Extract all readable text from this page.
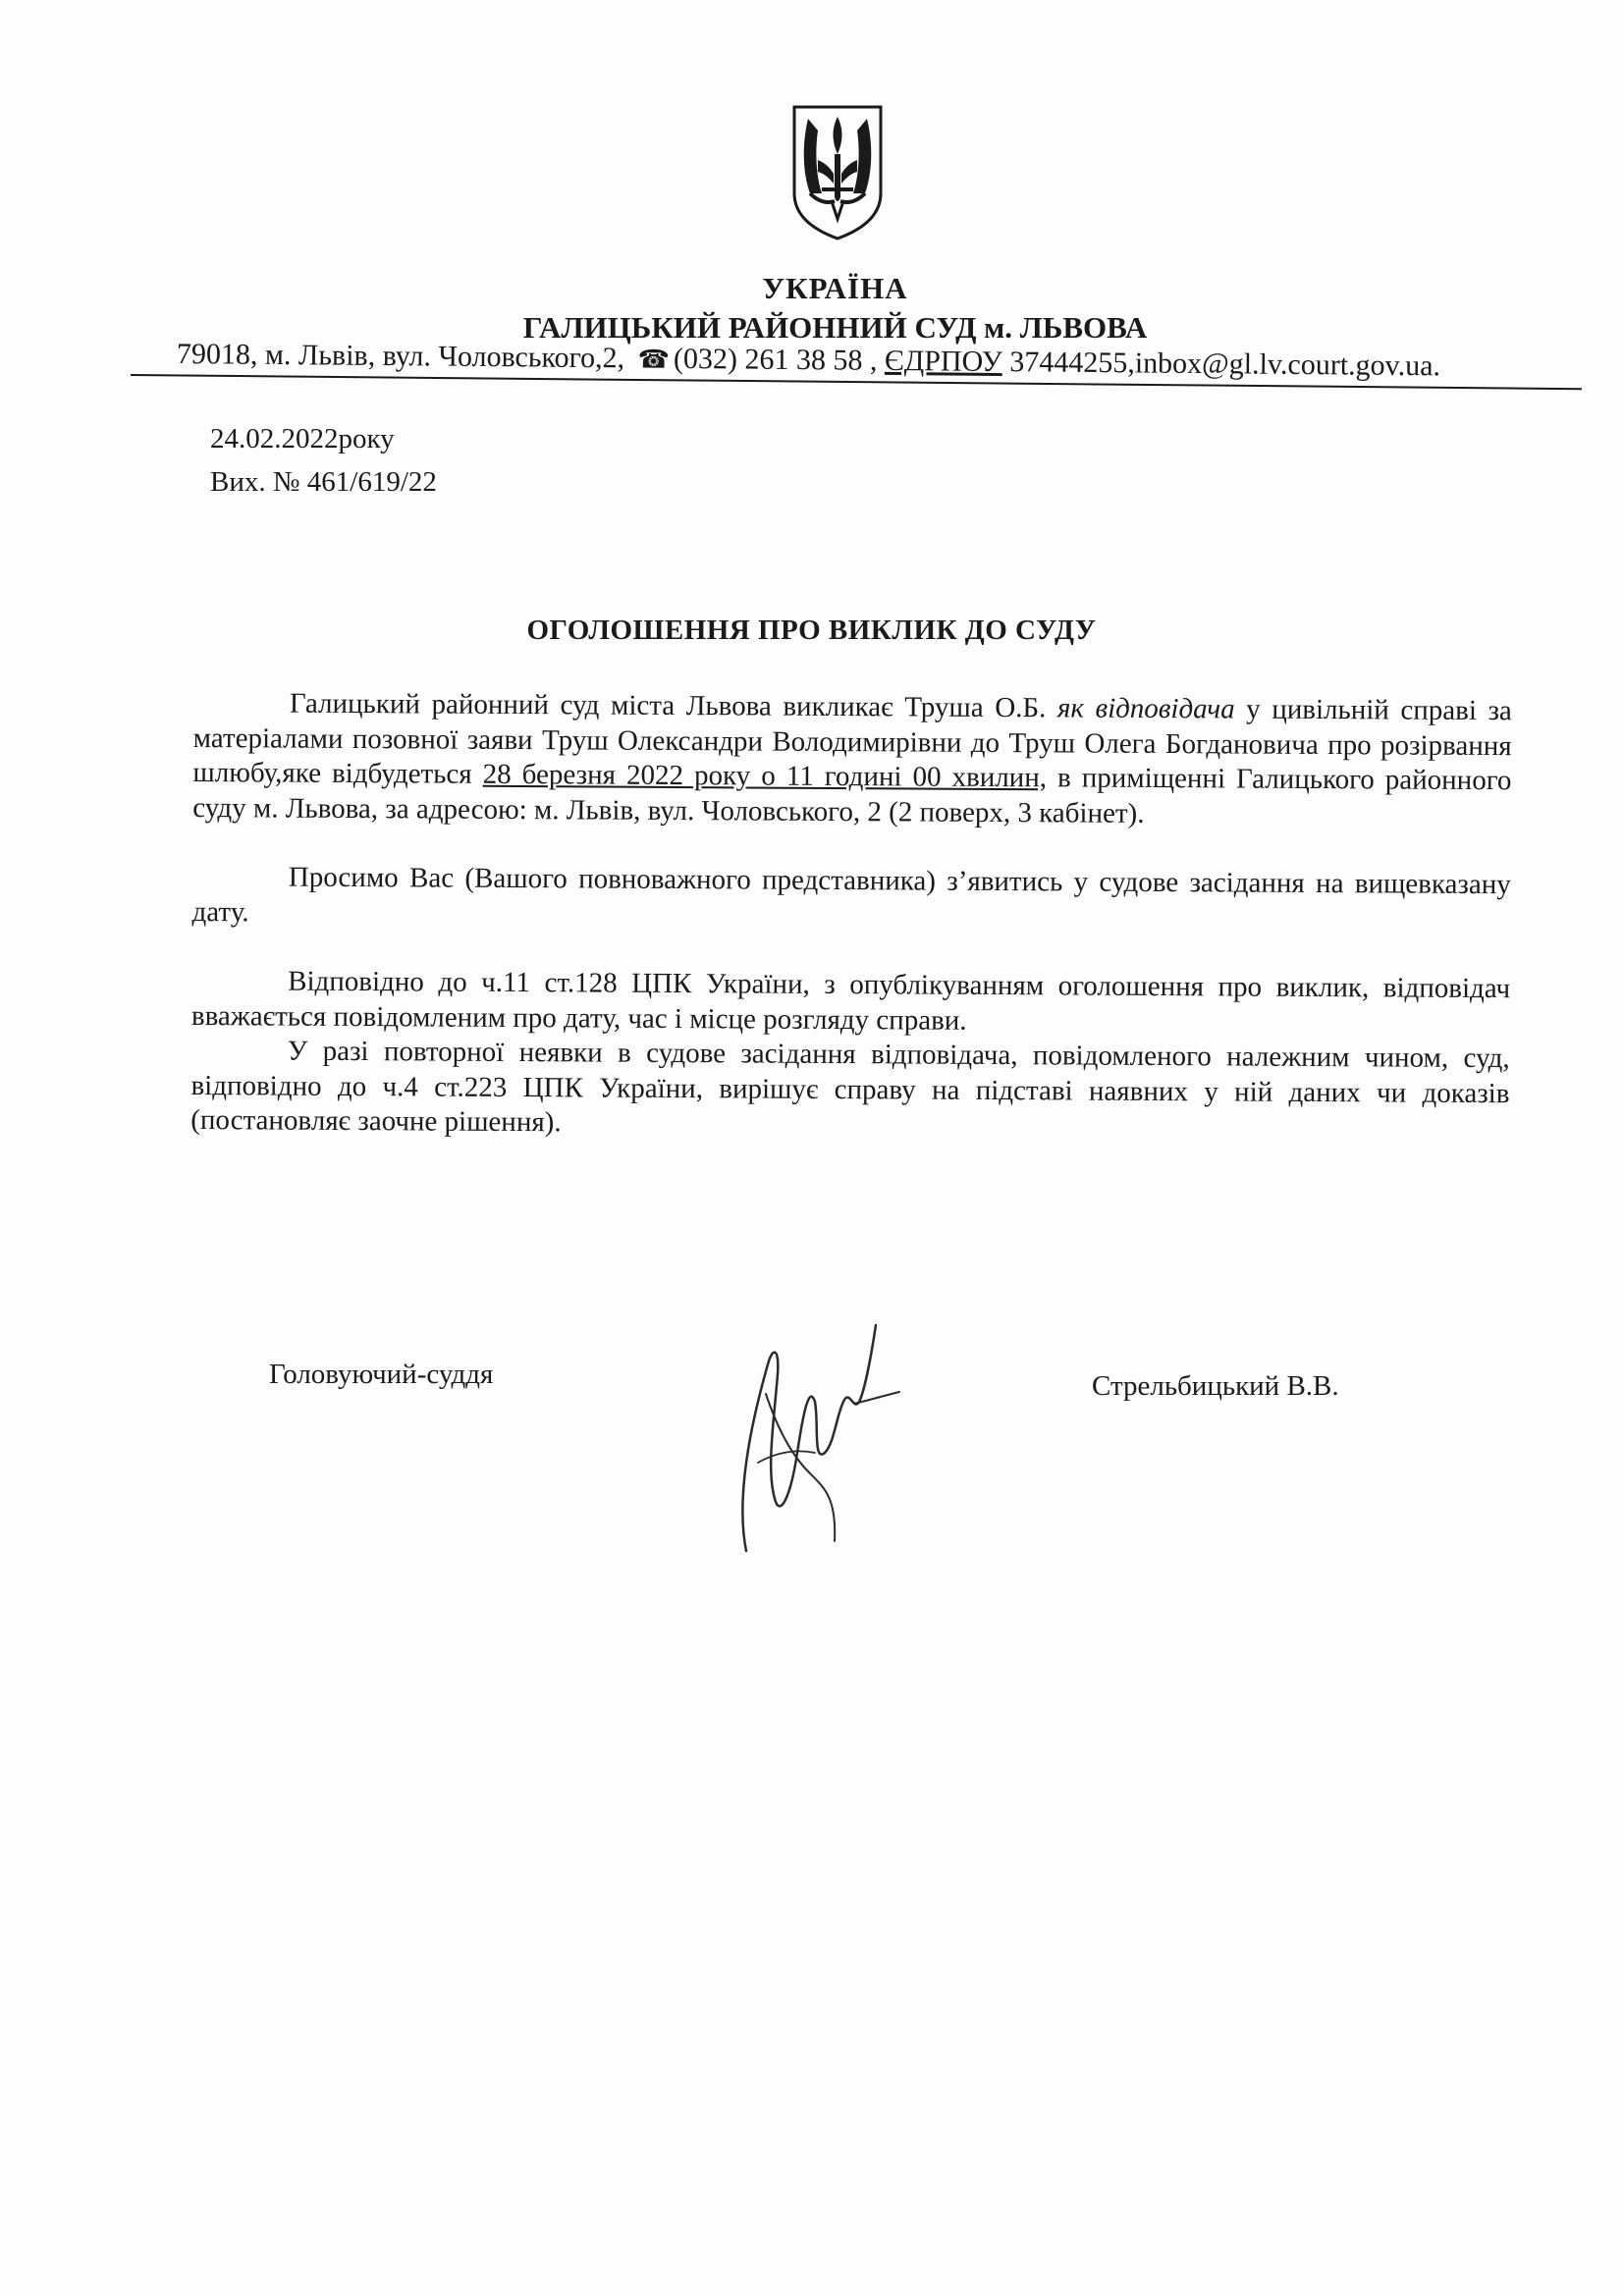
УКРАЇНА
ГАЛИЦЬКИЙ РАЙОННИЙ СУД м. ЛЬВОВА
79018, м. Львів, вул. Чоловського,2, ☎ (032) 261 38 58 , ЄДРПОУ 37444255,inbox@gl.lv.court.gov.ua.
24.02.2022року
Вих. № 461/619/22
ОГОЛОШЕННЯ ПРО ВИКЛИК ДО СУДУ

Галицький районний суд міста Львова викликає Труша О.Б. як відповідача у цивільній справі за матеріалами позовної заяви Труш Олександри Володимирівни до Труш Олега Богдановича про розірвання шлюбу,яке відбудеться 28 березня 2022 року о 11 годині 00 хвилин, в приміщенні Галицького районного суду м. Львова, за адресою: м. Львів, вул. Чоловського, 2 (2 поверх, 3 кабінет).

Просимо Вас (Вашого повноважного представника) з’явитись у судове засідання на вищевказану дату.

Відповідно до ч.11 ст.128 ЦПК України, з опублікуванням оголошення про виклик, відповідач вважається повідомленим про дату, час і місце розгляду справи.

У разі повторної неявки в судове засідання відповідача, повідомленого належним чином, суд, відповідно до ч.4 ст.223 ЦПК України, вирішує справу на підставі наявних у ній даних чи доказів (постановляє заочне рішення).

Головуючий-суддя	Стрельбицький В.В.
